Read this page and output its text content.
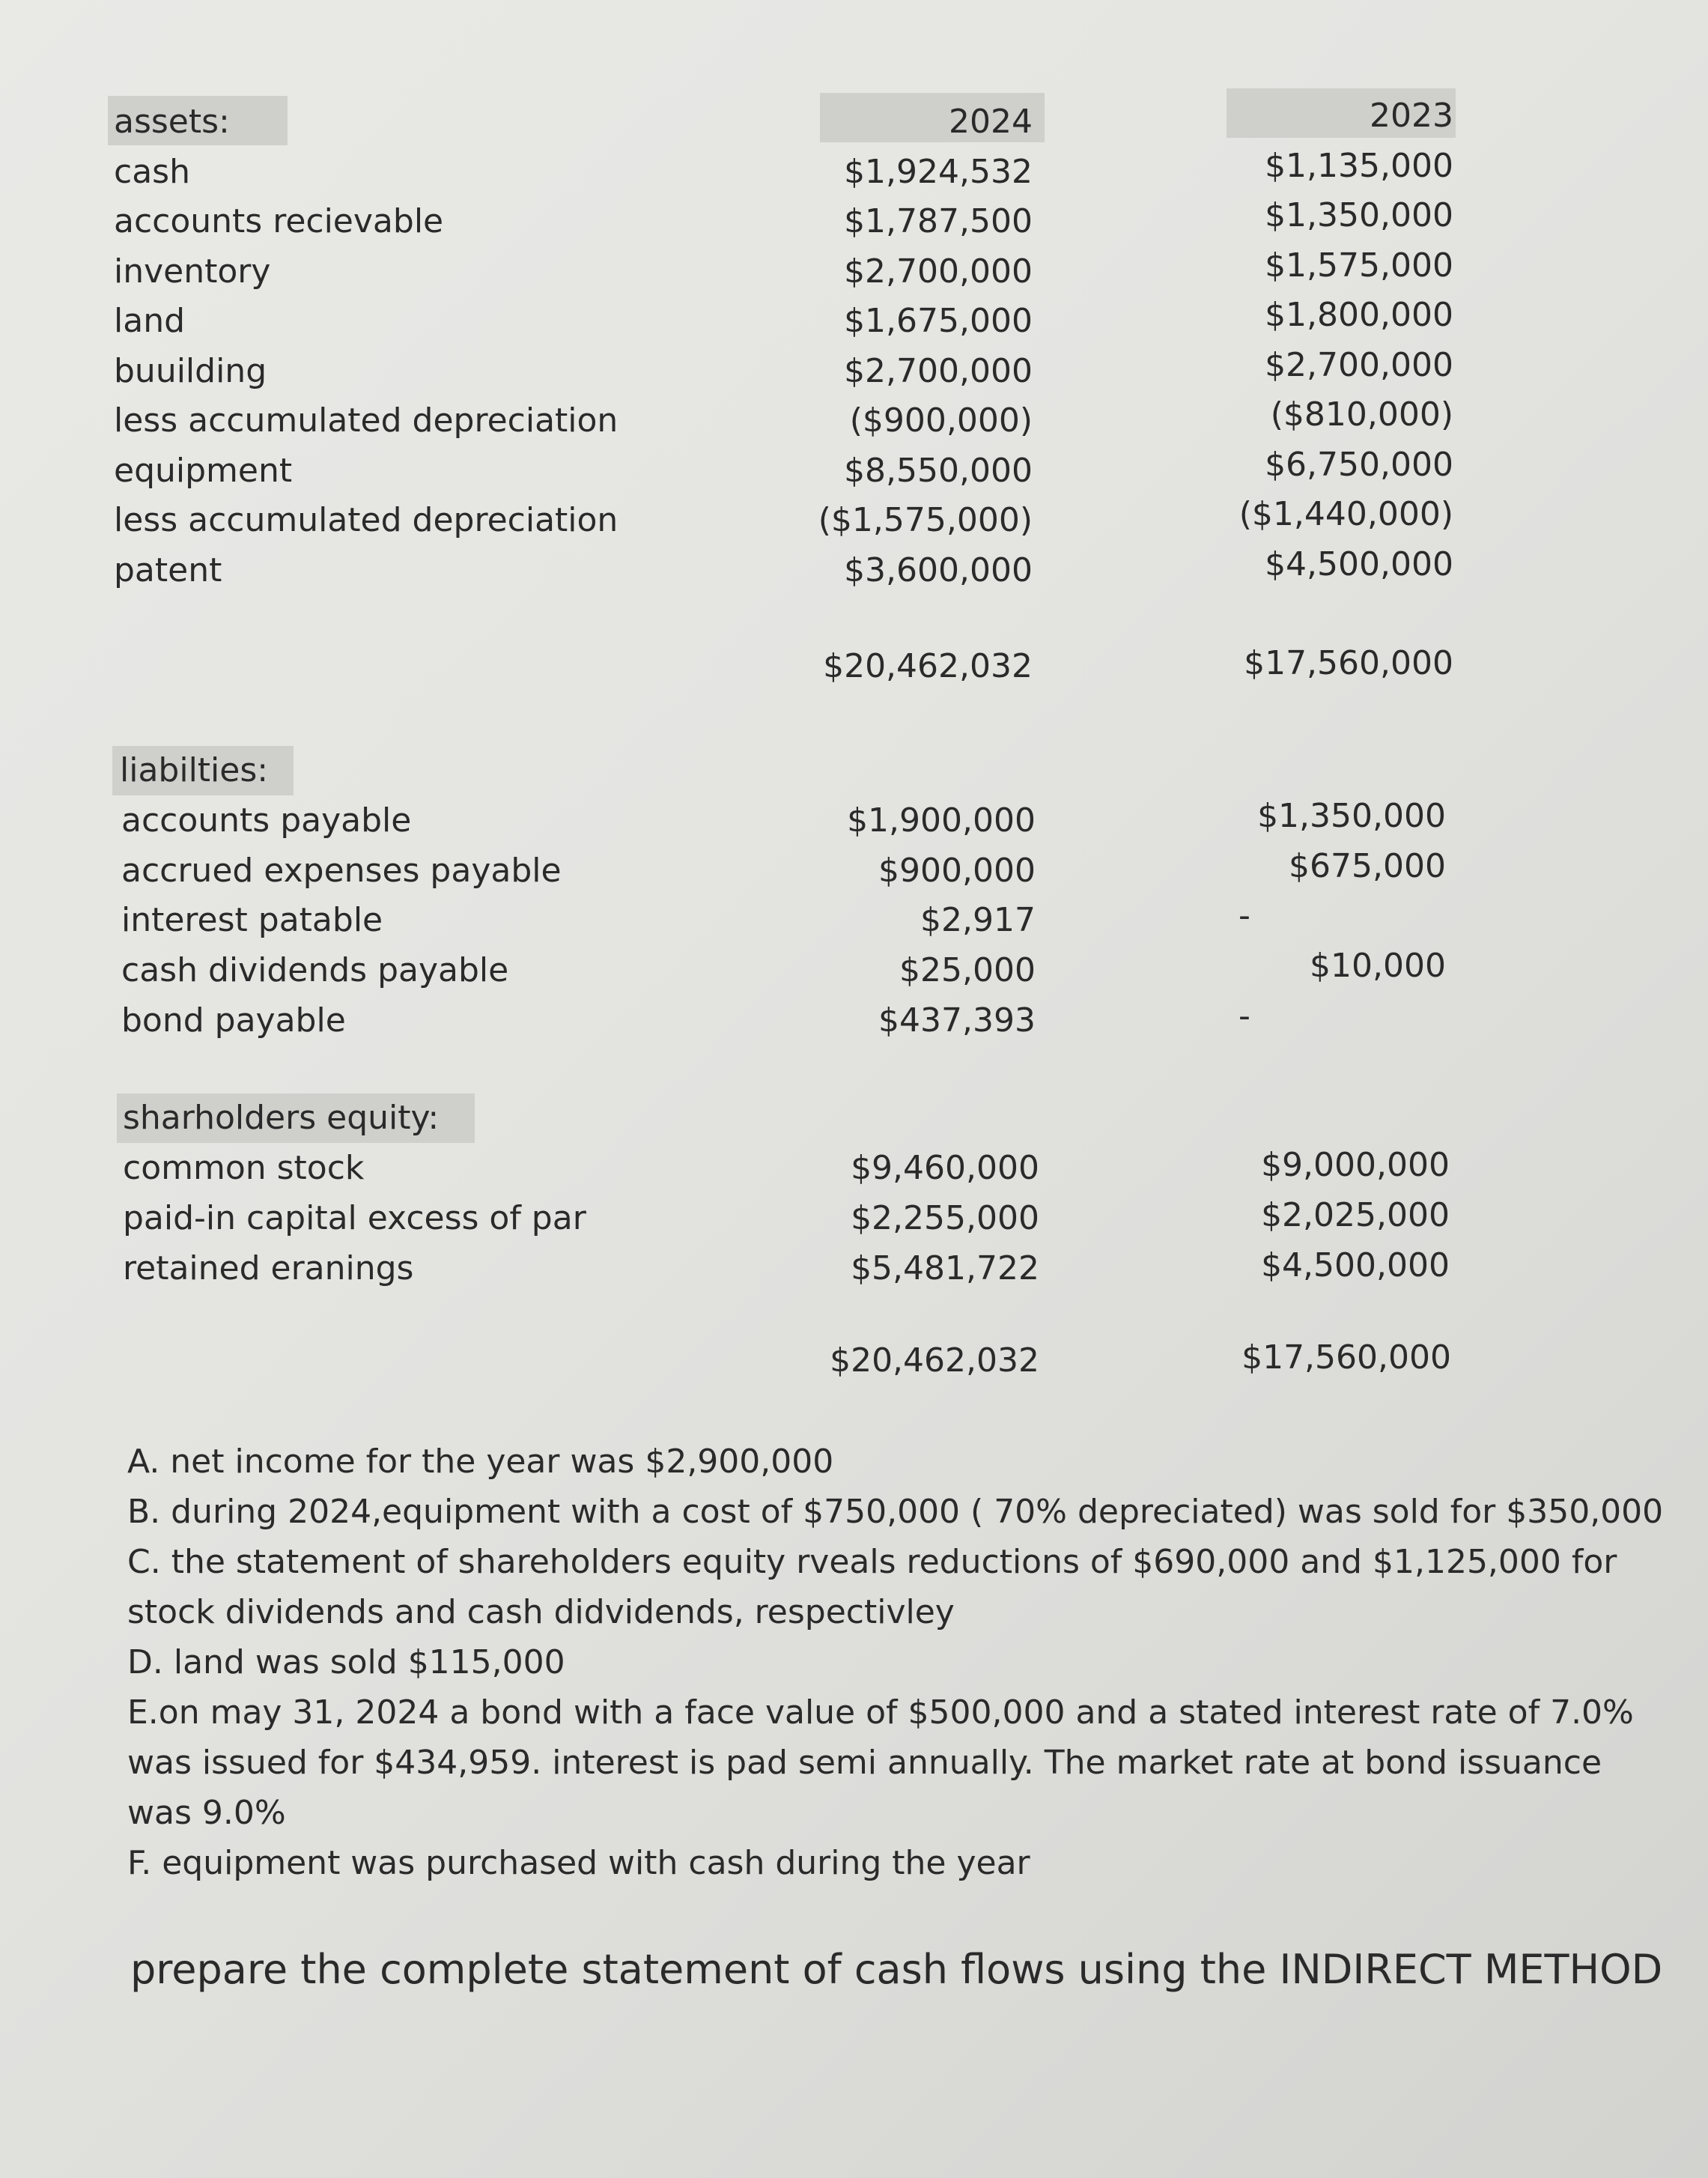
assets:	2024	2023
cash	$1,924,532	$1,135,000
accounts recievable	$1,787,500	$1,350,000
inventory	$2,700,000	$1,575,000
land	$1,675,000	$1,800,000
buuilding	$2,700,000	$2,700,000
less accumulated depreciation	($900,000)	($810,000)
equipment	$8,550,000	$6,750,000
less accumulated depreciation	($1,575,000)	($1,440,000)
patent	$3,600,000	$4,500,000
$20,462,032	$17,560,000
liabilties:
accounts payable	$1,900,000	$1,350,000
accrued expenses payable	$900,000	$675,000
interest patable	$2,917	-
cash dividends payable	$25,000	$10,000
bond payable	$437,393	-
sharholders equity:
common stock	$9,460,000	$9,000,000
paid-in capital excess of par	$2,255,000	$2,025,000
retained eranings	$5,481,722	$4,500,000
$20,462,032	$17,560,000
A. net income for the year was $2,900,000
B. during 2024,equipment with a cost of $750,000 ( 70% depreciated) was sold for $350,000
C. the statement of shareholders equity rveals reductions of $690,000 and $1,125,000 for
stock dividends and cash didvidends, respectivley
D. land was sold $115,000
E.on may 31, 2024 a bond with a face value of $500,000 and a stated interest rate of 7.0%
was issued for $434,959. interest is pad semi annually. The market rate at bond issuance
was 9.0%
F. equipment was purchased with cash during the year
prepare the complete statement of cash flows using the INDIRECT METHOD
